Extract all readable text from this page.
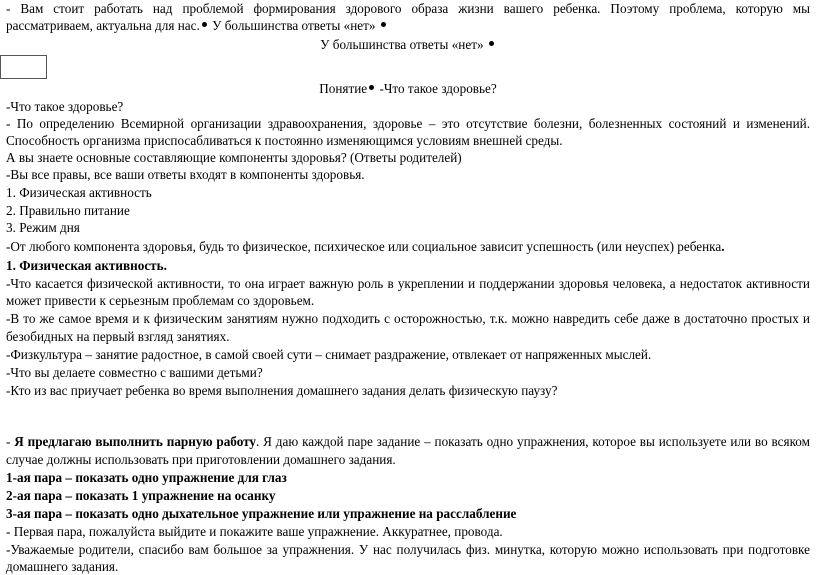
- Вам стоит работать над проблемой формирования здорового образа жизни вашего ребенка. Поэтому проблема, которую мы
рассматриваем, актуальна для нас. У большинства ответы «нет»
У большинства ответы «нет»
Понятие -Что такое здоровье?
-Что такое здоровье?
- По определению Всемирной организации здравоохранения, здоровье – это отсутствие болезни, болезненных состояний и изменений.
Способность организма приспосабливаться к постоянно изменяющимся условиям внешней среды.
А вы знаете основные составляющие компоненты здоровья? (Ответы родителей)
-Вы все правы, все ваши ответы входят в компоненты здоровья.
1. Физическая активность
2. Правильно питание
3. Режим дня
-От любого компонента здоровья, будь то физическое, психическое или социальное зависит успешность (или неуспех) ребенка.
1. Физическая активность.
-Что касается физической активности, то она играет важную роль в укреплении и поддержании здоровья человека, а недостаток активности
может привести к серьезным проблемам со здоровьем.
-В то же самое время и к физическим занятиям нужно подходить с осторожностью, т.к. можно навредить себе даже в достаточно простых и
безобидных на первый взгляд занятиях.
-Физкультура – занятие радостное, в самой своей сути – снимает раздражение, отвлекает от напряженных мыслей.
-Что вы делаете совместно с вашими детьми?
-Кто из вас приучает ребенка во время выполнения домашнего задания делать физическую паузу?
- Я предлагаю выполнить парную работу. Я даю каждой паре задание – показать одно упражнения, которое вы используете или во всяком
случае должны использовать при приготовлении домашнего задания.
1-ая пара – показать одно упражнение для глаз
2-ая пара – показать 1 упражнение на осанку
3-ая пара – показать одно дыхательное упражнение или упражнение на расслабление
- Первая пара, пожалуйста выйдите и покажите ваше упражнение. Аккуратнее, провода.
-Уважаемые родители, спасибо вам большое за упражнения. У нас получилась физ. минутка, которую можно использовать при подготовке
домашнего задания.
